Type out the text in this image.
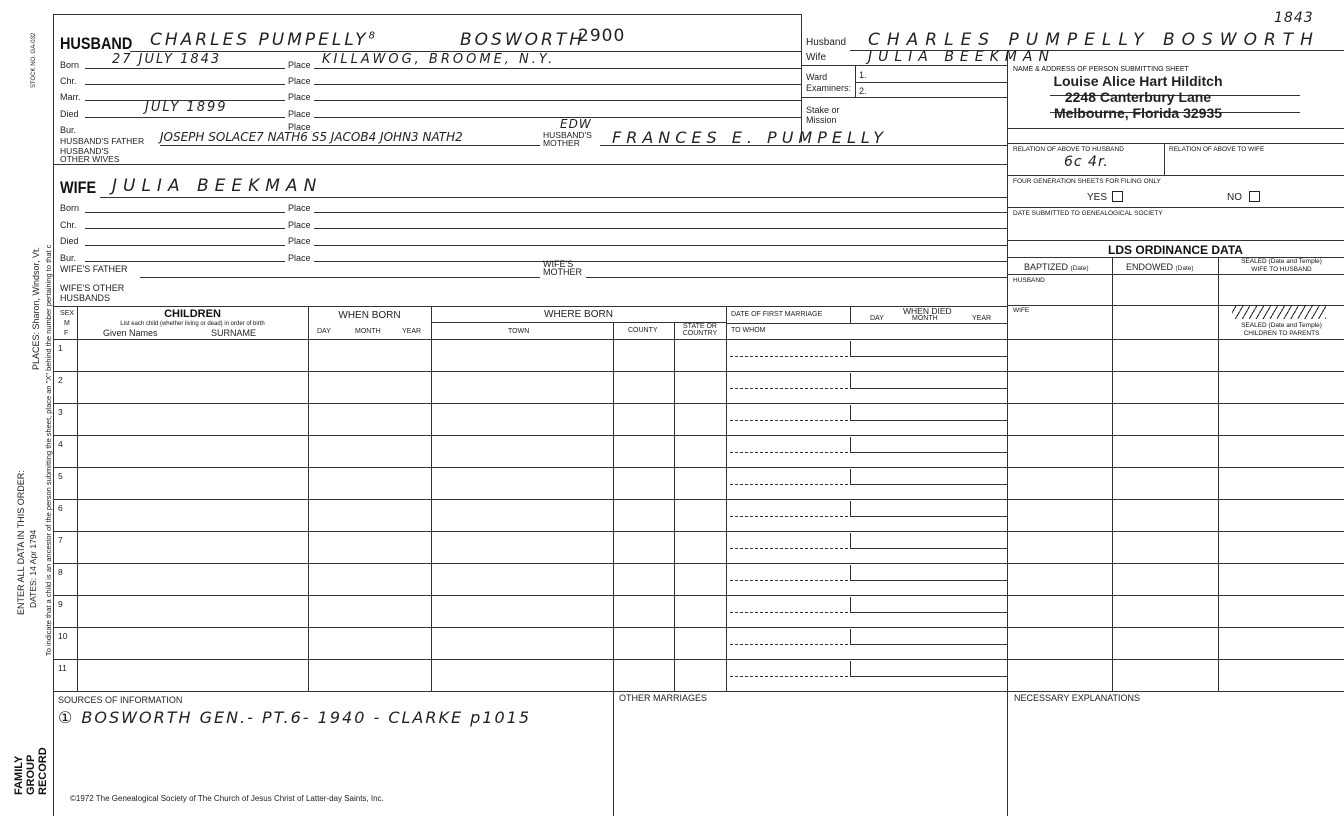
STOCK NO. GA-032
PLACES: Sharon, Windsor, Vt. To indicate that a child is an ancestor of the person submitting the sheet, place an "X" behind the number pertaining to that c
ENTER ALL DATA IN THIS ORDER: DATES: 14 Apr 1794
FAMILY GROUP RECORD
HUSBAND CHARLES PUMPELLY$^8$	BOSWORTH
2900
Born	27 JULY 1843	Place KILLAWOG, BROOME, N.Y.
Chr.	Place
Marr.	Place
Died	JULY 1899	Place
Bur.	Place
HUSBAND'S FATHER JOSEPH SOLACE7 NATH6 S5 JACOB4 JOHN3 NATH2	HUSBAND'S
MOTHER
EDW
FRANCES E. PUMPELLY
HUSBAND'S
OTHER WIVES
WIFE JULIA BEEKMAN
Born	Place
Chr.	Place
Died	Place
Bur.	Place
WIFE'S FATHER	WIFE'S
MOTHER
WIFE'S OTHER
HUSBANDS
1843
Husband CHARLES PUMPELLY BOSWORTH
Wife	JULIA BEEKMAN
Ward
Examiners:
1.
2.
Stake or
Mission
NAME & ADDRESS OF PERSON SUBMITTING SHEET
Louise Alice Hart Hilditch
2248 Canterbury Lane
Melbourne, Florida 32935
RELATION OF ABOVE TO HUSBAND
6c 4r.
RELATION OF ABOVE TO WIFE
FOUR GENERATION SHEETS FOR FILING ONLY
YES	NO
DATE SUBMITTED TO GENEALOGICAL SOCIETY
LDS ORDINANCE DATA
BAPTIZED (Date)	ENDOWED (Date)
SEALED (Date and Temple)
WIFE TO HUSBAND
HUSBAND
WIFE
SEALED (Date and Temple)
CHILDREN TO PARENTS
SEX
M
F
CHILDREN
List each child (whether living or dead) in order of birth
Given Names	SURNAME
WHEN BORN
DAY	MONTH	YEAR
WHERE BORN
TOWN	COUNTY
STATE OR
COUNTRY
DATE OF FIRST MARRIAGE
TO WHOM
DAY
WHEN DIED
MONTH	YEAR
1
2
3
4
5
6
7
8
9
10
11
SOURCES OF INFORMATION
① BOSWORTH GEN.- PT.6- 1940 - CLARKE p1015
OTHER MARRIAGES	NECESSARY EXPLANATIONS
©1972 The Genealogical Society of The Church of Jesus Christ of Latter-day Saints, Inc.
